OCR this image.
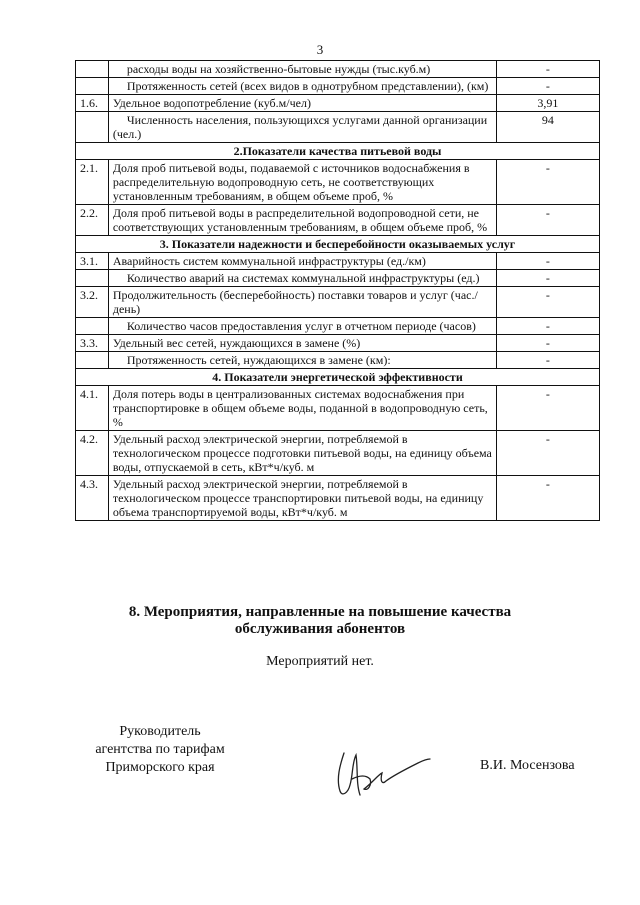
3
	расходы воды на хозяйственно-бытовые нужды (тыс.куб.м)	-
	Протяженность сетей (всех видов в однотрубном представлении), (км)	-
1.6.	Удельное водопотребление (куб.м/чел)	3,91
	Численность населения, пользующихся услугами данной организации (чел.)	94
2.Показатели качества питьевой воды		
2.1.	Доля проб питьевой воды, подаваемой с источников водоснабжения в распределительную водопроводную сеть, не соответствующих установленным требованиям, в общем объеме проб, %	-
2.2.	Доля проб питьевой воды в распределительной водопроводной сети, не соответствующих установленным требованиям, в общем объеме проб, %	-
3. Показатели надежности и бесперебойности оказываемых услуг		
3.1.	Аварийность систем коммунальной инфраструктуры (ед./км)	-
	Количество аварий на системах коммунальной инфраструктуры (ед.)	-
3.2.	Продолжительность (бесперебойность) поставки товаров и услуг (час./день)	-
	Количество часов предоставления услуг в отчетном периоде (часов)	-
3.3.	Удельный вес сетей, нуждающихся в замене (%)	-
	Протяженность сетей, нуждающихся в замене (км):	-
4. Показатели энергетической эффективности		
4.1.	Доля потерь воды в централизованных системах водоснабжения при транспортировке в общем объеме воды, поданной в водопроводную сеть, %	-
4.2.	Удельный расход электрической энергии, потребляемой в технологическом процессе подготовки питьевой воды, на единицу объема воды, отпускаемой в сеть, кВт*ч/куб. м	-
4.3.	Удельный расход электрической энергии, потребляемой в технологическом процессе транспортировки питьевой воды, на единицу объема транспортируемой воды, кВт*ч/куб. м	-
8. Мероприятия, направленные на повышение качества
обслуживания абонентов
Мероприятий нет.
Руководитель
агентства по тарифам
Приморского края	В.И. Мосензова
